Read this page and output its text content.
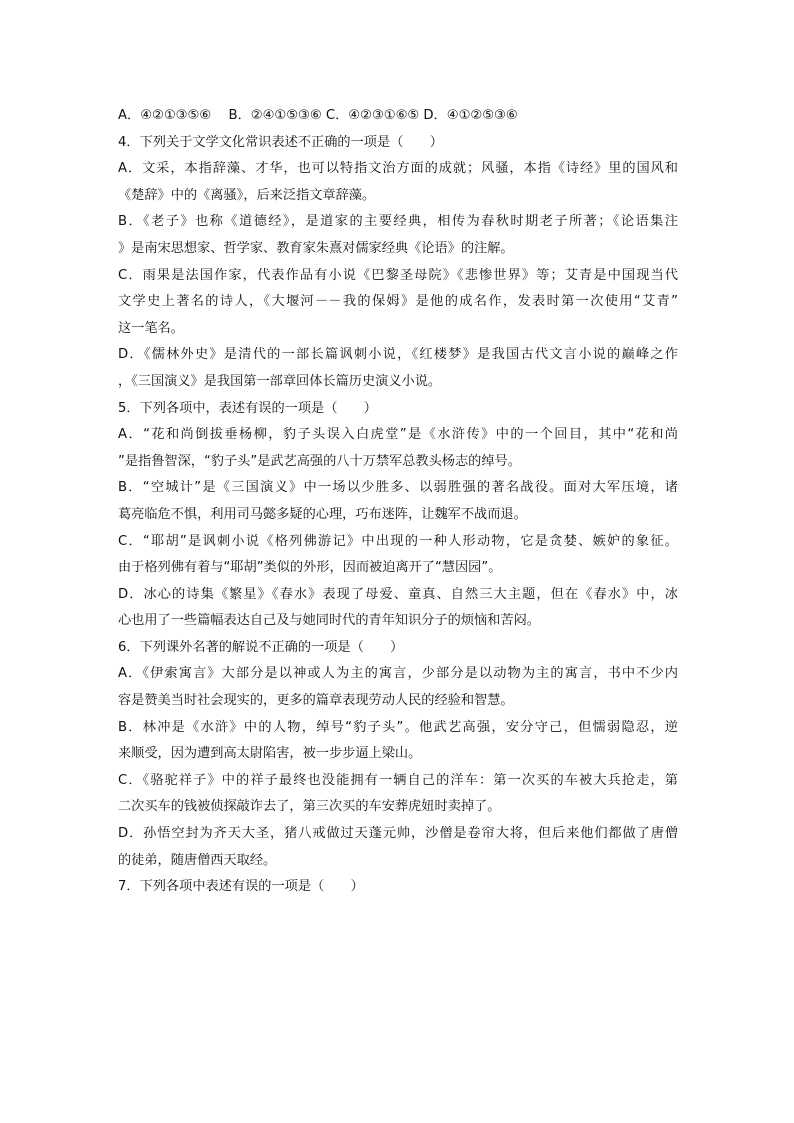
A．④②①③⑤⑥　 B．②④①⑤③⑥ C．④②③①⑥⑤ D．④①②⑤③⑥
4．下列关于文学文化常识表述不正确的一项是（　　）
A．文采，本指辞藻、才华，也可以特指文治方面的成就；风骚，本指《诗经》里的国风和
《楚辞》中的《离骚》，后来泛指文章辞藻。
B．《老子》也称《道德经》，是道家的主要经典，相传为春秋时期老子所著；《论语集注
》是南宋思想家、哲学家、教育家朱熹对儒家经典《论语》的注解。
C．雨果是法国作家，代表作品有小说《巴黎圣母院》《悲惨世界》等；艾青是中国现当代
文学史上著名的诗人，《大堰河－－我的保姆》是他的成名作，发表时第一次使用“艾青”
这一笔名。
D．《儒林外史》是清代的一部长篇讽刺小说，《红楼梦》是我国古代文言小说的巅峰之作
，《三国演义》是我国第一部章回体长篇历史演义小说。
5．下列各项中，表述有误的一项是（　　）
A．“花和尚倒拔垂杨柳，豹子头误入白虎堂”是《水浒传》中的一个回目，其中“花和尚
”是指鲁智深，“豹子头”是武艺高强的八十万禁军总教头杨志的绰号。
B．“空城计”是《三国演义》中一场以少胜多、以弱胜强的著名战役。面对大军压境，诸
葛亮临危不惧，利用司马懿多疑的心理，巧布迷阵，让魏军不战而退。
C．“耶胡”是讽刺小说《格列佛游记》中出现的一种人形动物，它是贪婪、嫉妒的象征。
由于格列佛有着与“耶胡”类似的外形，因而被迫离开了“慧因园”。
D．冰心的诗集《繁星》《春水》表现了母爱、童真、自然三大主题，但在《春水》中，冰
心也用了一些篇幅表达自己及与她同时代的青年知识分子的烦恼和苦闷。
6．下列课外名著的解说不正确的一项是（　　）
A．《伊索寓言》大部分是以神或人为主的寓言，少部分是以动物为主的寓言，书中不少内
容是赞美当时社会现实的，更多的篇章表现劳动人民的经验和智慧。
B．林冲是《水浒》中的人物，绰号“豹子头”。他武艺高强，安分守己，但懦弱隐忍，逆
来顺受，因为遭到高太尉陷害，被一步步逼上梁山。
C．《骆驼祥子》中的祥子最终也没能拥有一辆自己的洋车：第一次买的车被大兵抢走，第
二次买车的钱被侦探敲诈去了，第三次买的车安葬虎妞时卖掉了。
D．孙悟空封为齐天大圣，猪八戒做过天蓬元帅，沙僧是卷帘大将，但后来他们都做了唐僧
的徒弟，随唐僧西天取经。
7．下列各项中表述有误的一项是（　　）
